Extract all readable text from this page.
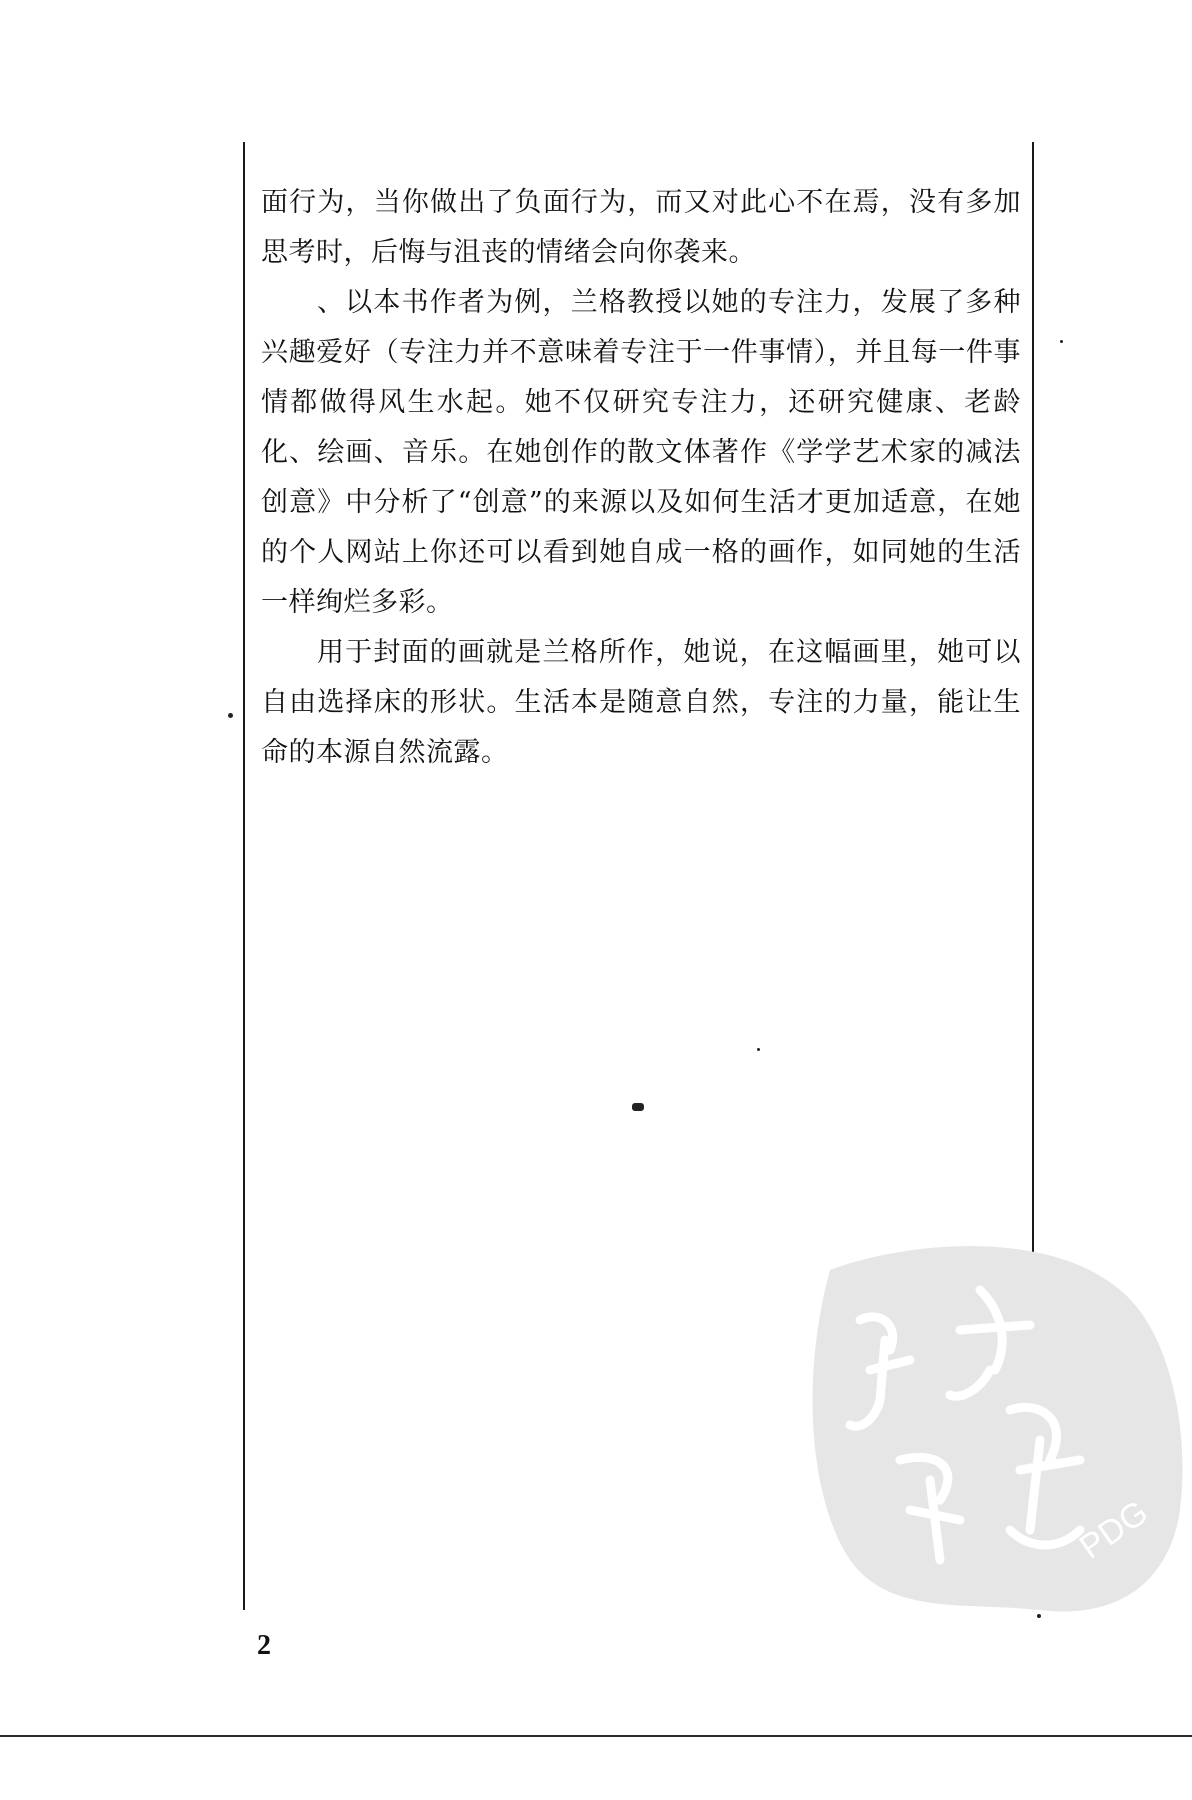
面行为，当你做出了负面行为，而又对此心不在焉，没有多加思考时，后悔与沮丧的情绪会向你袭来。

、以本书作者为例，兰格教授以她的专注力，发展了多种兴趣爱好（专注力并不意味着专注于一件事情），并且每一件事情都做得风生水起。她不仅研究专注力，还研究健康、老龄化、绘画、音乐。在她创作的散文体著作《学学艺术家的减法创意》中分析了“创意”的来源以及如何生活才更加适意，在她的个人网站上你还可以看到她自成一格的画作，如同她的生活一样绚烂多彩。

用于封面的画就是兰格所作，她说，在这幅画里，她可以自由选择床的形状。生活本是随意自然，专注的力量，能让生命的本源自然流露。

2
PDG
